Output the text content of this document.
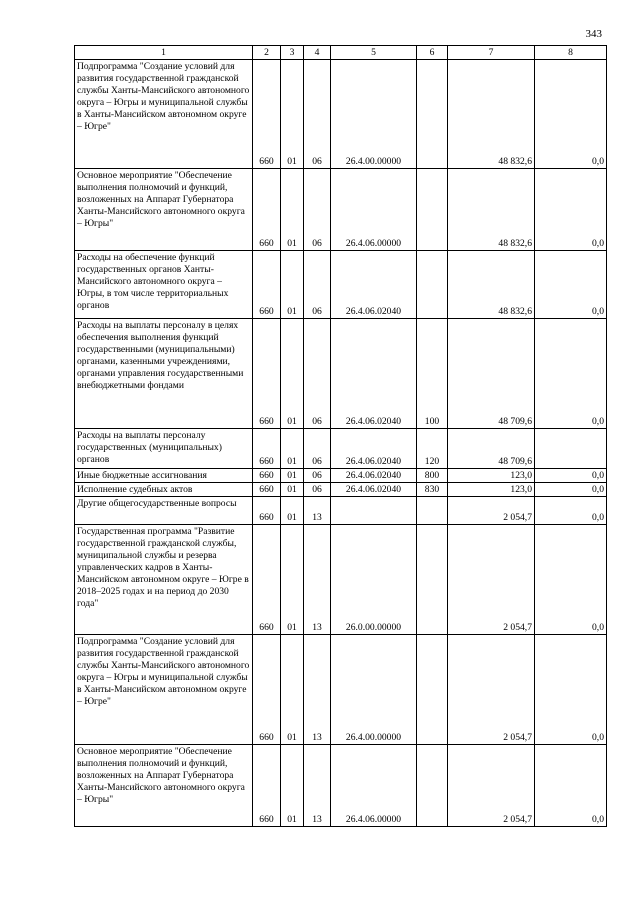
343
1	2	3	4	5	6	7	8
Подпрограмма "Создание условий для развития государственной гражданской службы Ханты-Мансийского автономного округа – Югры и муниципальной службы в Ханты-Мансийском автономном округе – Югре"	660	01	06	26.4.00.00000		48 832,6	0,0
Основное мероприятие "Обеспечение выполнения полномочий и функций, возложенных на Аппарат Губернатора Ханты-Мансийского автономного округа – Югры"	660	01	06	26.4.06.00000		48 832,6	0,0
Расходы на обеспечение функций государственных органов Ханты-Мансийского автономного округа – Югры, в том числе территориальных органов	660	01	06	26.4.06.02040		48 832,6	0,0
Расходы на выплаты персоналу в целях обеспечения выполнения функций государственными (муниципальными) органами, казенными учреждениями, органами управления государственными внебюджетными фондами	660	01	06	26.4.06.02040	100	48 709,6	0,0
Расходы на выплаты персоналу государственных (муниципальных) органов	660	01	06	26.4.06.02040	120	48 709,6	
Иные бюджетные ассигнования	660	01	06	26.4.06.02040	800	123,0	0,0
Исполнение судебных актов	660	01	06	26.4.06.02040	830	123,0	0,0
Другие общегосударственные вопросы	660	01	13			2 054,7	0,0
Государственная программа "Развитие государственной гражданской службы, муниципальной службы и резерва управленческих кадров в Ханты-Мансийском автономном округе – Югре в 2018–2025 годах и на период до 2030 года"	660	01	13	26.0.00.00000		2 054,7	0,0
Подпрограмма "Создание условий для развития государственной гражданской службы Ханты-Мансийского автономного округа – Югры и муниципальной службы в Ханты-Мансийском автономном округе – Югре"	660	01	13	26.4.00.00000		2 054,7	0,0
Основное мероприятие "Обеспечение выполнения полномочий и функций, возложенных на Аппарат Губернатора Ханты-Мансийского автономного округа – Югры"	660	01	13	26.4.06.00000		2 054,7	0,0
